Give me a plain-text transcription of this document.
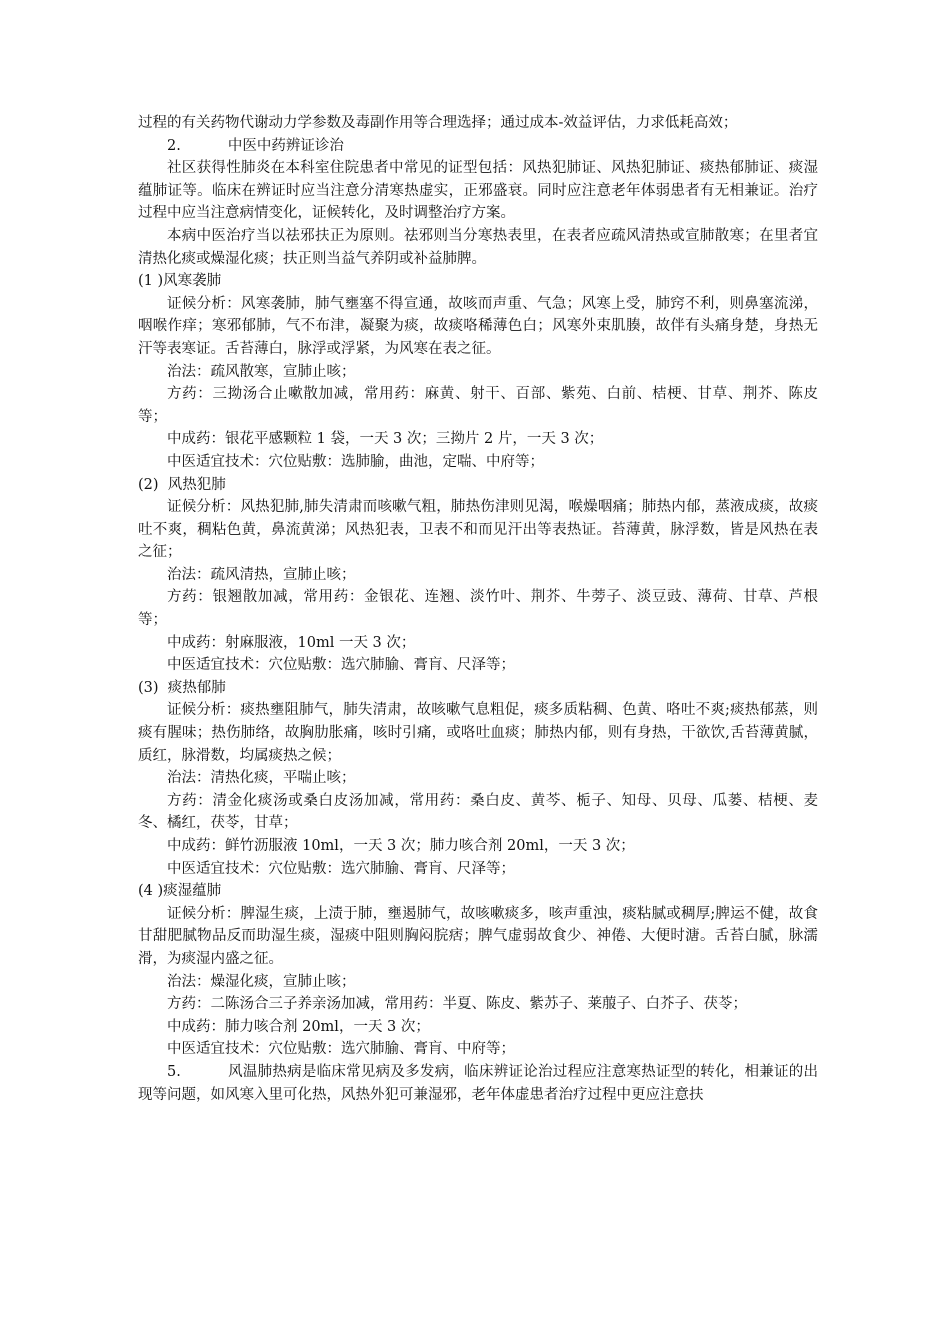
过程的有关药物代谢动力学参数及毒副作用等合理选择；通过成本-效益评估，力求低耗高效；

2.	中医中药辨证诊治

社区获得性肺炎在本科室住院患者中常见的证型包括：风热犯肺证、风热犯肺证、痰热郁肺证、痰湿蕴肺证等。临床在辨证时应当注意分清寒热虚实，正邪盛衰。同时应注意老年体弱患者有无相兼证。治疗过程中应当注意病情变化，证候转化，及时调整治疗方案。

本病中医治疗当以祛邪扶正为原则。祛邪则当分寒热表里，在表者应疏风清热或宣肺散寒；在里者宜清热化痰或燥湿化痰；扶正则当益气养阴或补益肺脾。

(1 )风寒袭肺

证候分析：风寒袭肺，肺气壅塞不得宣通，故咳而声重、气急；风寒上受，肺窍不利，则鼻塞流涕，咽喉作痒；寒邪郁肺，气不布津，凝聚为痰，故痰咯稀薄色白；风寒外束肌腠，故伴有头痛身楚，身热无汗等表寒证。舌苔薄白，脉浮或浮紧，为风寒在表之征。

治法：疏风散寒，宣肺止咳；

方药：三拗汤合止嗽散加减，常用药：麻黄、射干、百部、紫苑、白前、桔梗、甘草、荆芥、陈皮等；

中成药：银花平感颗粒 1 袋，一天 3 次；三拗片 2 片，一天 3 次；

中医适宜技术：穴位贴敷：选肺腧，曲池，定喘、中府等；

(2)  风热犯肺

证候分析：风热犯肺,肺失清肃而咳嗽气粗，肺热伤津则见渴，喉燥咽痛；肺热内郁，蒸液成痰，故痰吐不爽，稠粘色黄，鼻流黄涕；风热犯表，卫表不和而见汗出等表热证。苔薄黄，脉浮数，皆是风热在表之征；

治法：疏风清热，宣肺止咳；

方药：银翘散加减，常用药：金银花、连翘、淡竹叶、荆芥、牛蒡子、淡豆豉、薄荷、甘草、芦根等；

中成药：射麻服液，10ml 一天 3 次；

中医适宜技术：穴位贴敷：选穴肺腧、膏肓、尺泽等；

(3)  痰热郁肺

证候分析：痰热壅阻肺气，肺失清肃，故咳嗽气息粗促，痰多质粘稠、色黄、咯吐不爽;痰热郁蒸，则痰有腥味；热伤肺络，故胸肋胀痛，咳时引痛，或咯吐血痰；肺热内郁，则有身热，干欲饮,舌苔薄黄腻，质红，脉滑数，均属痰热之候；

治法：清热化痰，平喘止咳；

方药：清金化痰汤或桑白皮汤加减，常用药：桑白皮、黄芩、栀子、知母、贝母、瓜蒌、桔梗、麦冬、橘红，茯苓，甘草；

中成药：鲜竹沥服液 10ml，一天 3 次；肺力咳合剂 20ml，一天 3 次；

中医适宜技术：穴位贴敷：选穴肺腧、膏肓、尺泽等；

(4 )痰湿蕴肺

证候分析：脾湿生痰，上渍于肺，壅遏肺气，故咳嗽痰多，咳声重浊，痰粘腻或稠厚;脾运不健，故食甘甜肥腻物品反而助湿生痰，湿痰中阻则胸闷脘痞；脾气虚弱故食少、神倦、大便时溏。舌苔白腻，脉濡滑，为痰湿内盛之征。

治法：燥湿化痰，宣肺止咳；

方药：二陈汤合三子养亲汤加减，常用药：半夏、陈皮、紫苏子、莱菔子、白芥子、茯苓；

中成药：肺力咳合剂 20ml，一天 3 次；

中医适宜技术：穴位贴敷：选穴肺腧、膏肓、中府等；

5.	风温肺热病是临床常见病及多发病，临床辨证论治过程应注意寒热证型的转化，相兼证的出现等问题，如风寒入里可化热，风热外犯可兼湿邪，老年体虚患者治疗过程中更应注意扶
